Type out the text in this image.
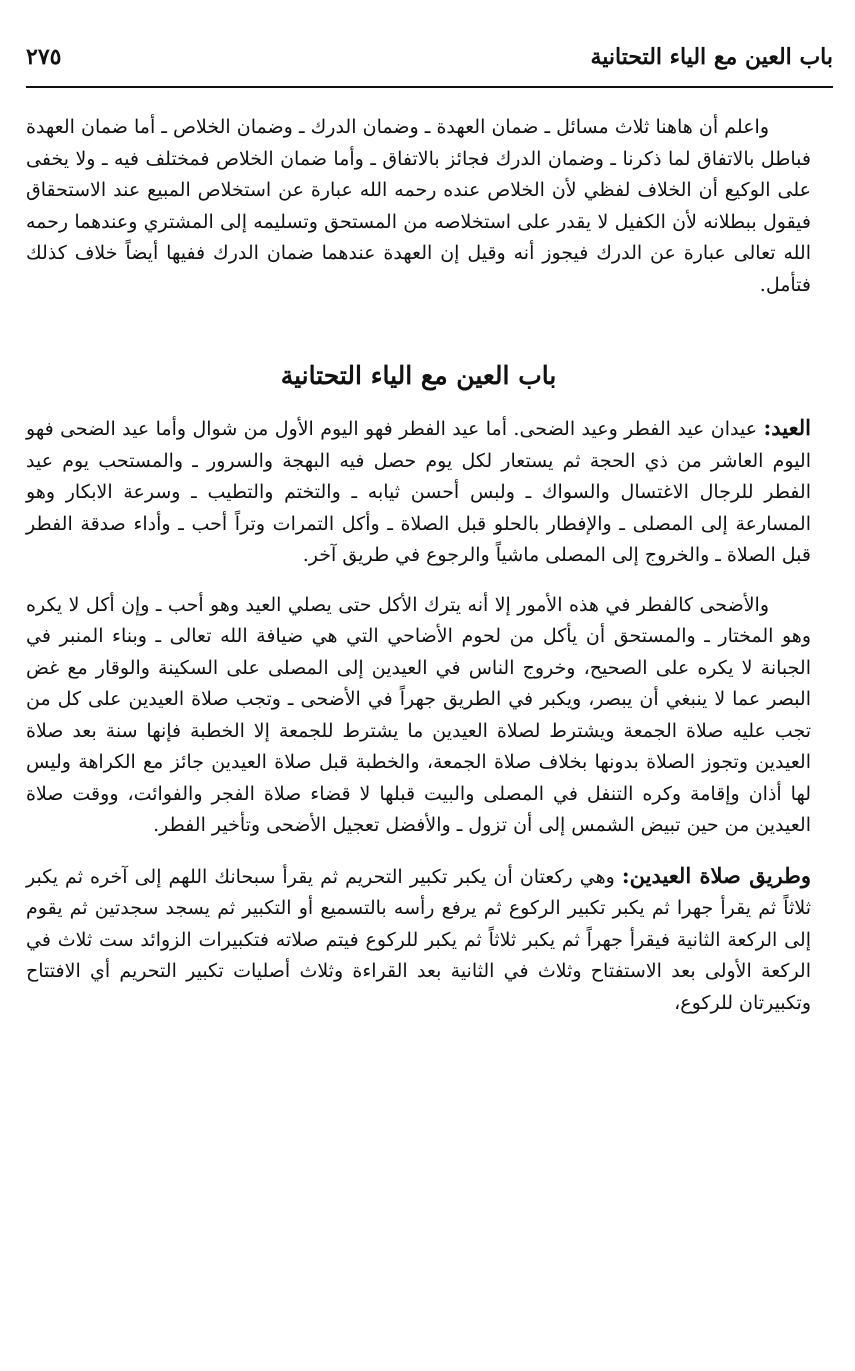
باب العين مع الياء التحتانية
٢٧٥

واعلم أن هاهنا ثلاث مسائل ـ ضمان العهدة ـ وضمان الدرك ـ وضمان الخلاص ـ أما ضمان العهدة فباطل بالاتفاق لما ذكرنا ـ وضمان الدرك فجائز بالاتفاق ـ وأما ضمان الخلاص فمختلف فيه ـ ولا يخفى على الوكيع أن الخلاف لفظي لأن الخلاص عنده رحمه الله عبارة عن استخلاص المبيع عند الاستحقاق فيقول ببطلانه لأن الكفيل لا يقدر على استخلاصه من المستحق وتسليمه إلى المشتري وعندهما رحمه الله تعالى عبارة عن الدرك فيجوز أنه وقيل إن العهدة عندهما ضمان الدرك ففيها أيضاً خلاف كذلك فتأمل.

باب العين مع الياء التحتانية

العيد: عيدان عيد الفطر وعيد الضحى. أما عيد الفطر فهو اليوم الأول من شوال وأما عيد الضحى فهو اليوم العاشر من ذي الحجة ثم يستعار لكل يوم حصل فيه البهجة والسرور ـ والمستحب يوم عيد الفطر للرجال الاغتسال والسواك ـ ولبس أحسن ثيابه ـ والتختم والتطيب ـ وسرعة الابكار وهو المسارعة إلى المصلى ـ والإفطار بالحلو قبل الصلاة ـ وأكل التمرات وتراً أحب ـ وأداء صدقة الفطر قبل الصلاة ـ والخروج إلى المصلى ماشياً والرجوع في طريق آخر.

والأضحى كالفطر في هذه الأمور إلا أنه يترك الأكل حتى يصلي العيد وهو أحب ـ وإن أكل لا يكره وهو المختار ـ والمستحق أن يأكل من لحوم الأضاحي التي هي ضيافة الله تعالى ـ وبناء المنبر في الجبانة لا يكره على الصحيح، وخروج الناس في العيدين إلى المصلى على السكينة والوقار مع غض البصر عما لا ينبغي أن يبصر، ويكبر في الطريق جهراً في الأضحى ـ وتجب صلاة العيدين على كل من تجب عليه صلاة الجمعة ويشترط لصلاة العيدين ما يشترط للجمعة إلا الخطبة فإنها سنة بعد صلاة العيدين وتجوز الصلاة بدونها بخلاف صلاة الجمعة، والخطبة قبل صلاة العيدين جائز مع الكراهة وليس لها أذان وإقامة وكره التنفل في المصلى والبيت قبلها لا قضاء صلاة الفجر والفوائت، ووقت صلاة العيدين من حين تبيض الشمس إلى أن تزول ـ والأفضل تعجيل الأضحى وتأخير الفطر.

وطريق صلاة العيدين: وهي ركعتان أن يكبر تكبير التحريم ثم يقرأ سبحانك اللهم إلى آخره ثم يكبر ثلاثاً ثم يقرأ جهرا ثم يكبر تكبير الركوع ثم يرفع رأسه بالتسميع أو التكبير ثم يسجد سجدتين ثم يقوم إلى الركعة الثانية فيقرأ جهراً ثم يكبر ثلاثاً ثم يكبر للركوع فيتم صلاته فتكبيرات الزوائد ست ثلاث في الركعة الأولى بعد الاستفتاح وثلاث في الثانية بعد القراءة وثلاث أصليات تكبير التحريم أي الافتتاح وتكبيرتان للركوع،
